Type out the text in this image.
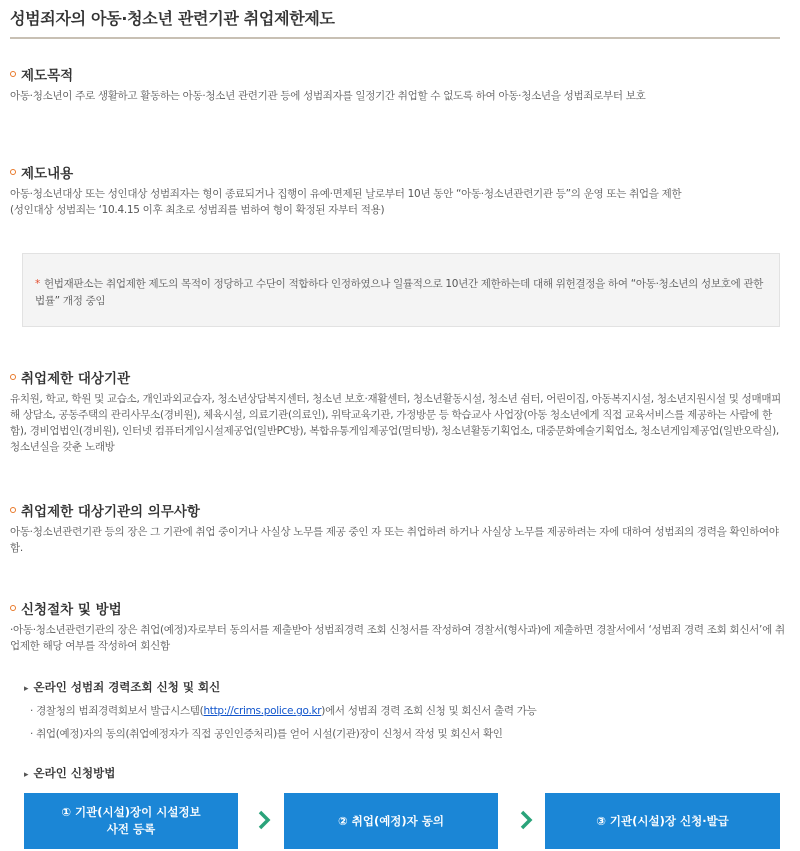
성범죄자의 아동·청소년 관련기관 취업제한제도
제도목적

아동·청소년이 주로 생활하고 활동하는 아동·청소년 관련기관 등에 성범죄자를 일정기간 취업할 수 없도록 하여 아동·청소년을 성범죄로부터 보호

제도내용

아동·청소년대상 또는 성인대상 성범죄자는 형이 종료되거나 집행이 유예·면제된 날로부터 10년 동안 “아동·청소년관련기관 등”의 운영 또는 취업을 제한

(성인대상 성범죄는 ‘10.4.15 이후 최초로 성범죄를 범하여 형이 확정된 자부터 적용)

* 헌법재판소는 취업제한 제도의 목적이 정당하고 수단이 적합하다 인정하였으나 일률적으로 10년간 제한하는데 대해 위헌결정을 하여 “아동·청소년의 성보호에 관한 법률” 개정 중임

취업제한 대상기관

유치원, 학교, 학원 및 교습소, 개인과외교습자, 청소년상담복지센터, 청소년 보호·재활센터, 청소년활동시설, 청소년 쉼터, 어린이집, 아동복지시설, 청소년지원시설 및 성매매피해 상담소, 공동주택의 관리사무소(경비원), 체육시설, 의료기관(의료인), 위탁교육기관, 가정방문 등 학습교사 사업장(아동 청소년에게 직접 교육서비스를 제공하는 사람에 한함), 경비업법인(경비원), 인터넷 컴퓨터게임시설제공업(일반PC방), 복합유통게임제공업(멀티방), 청소년활동기획업소, 대중문화예술기획업소, 청소년게임제공업(일반오락실), 청소년실을 갖춘 노래방

취업제한 대상기관의 의무사항

아동·청소년관련기관 등의 장은 그 기관에 취업 중이거나 사실상 노무를 제공 중인 자 또는 취업하려 하거나 사실상 노무를 제공하려는 자에 대하여 성범죄의 경력을 확인하여야 함.

신청절차 및 방법

·아동·청소년관련기관의 장은 취업(예정)자로부터 동의서를 제출받아 성범죄경력 조회 신청서를 작성하여 경찰서(형사과)에 제출하면 경찰서에서 ‘성범죄 경력 조회 회신서’에 취업제한 해당 여부를 작성하여 회신함

▸ 온라인 성범죄 경력조회 신청 및 회신
· 경찰청의 범죄경력회보서 발급시스템(http://crims.police.go.kr)에서 성범죄 경력 조회 신청 및 회신서 출력 가능
· 취업(예정)자의 동의(취업예정자가 직접 공인인증처리)를 얻어 시설(기관)장이 신청서 작성 및 회신서 확인
▸ 온라인 신청방법
① 기관(시설)장이 시설정보
사전 등록
② 취업(예정)자 동의	③ 기관(시설)장 신청·발급
